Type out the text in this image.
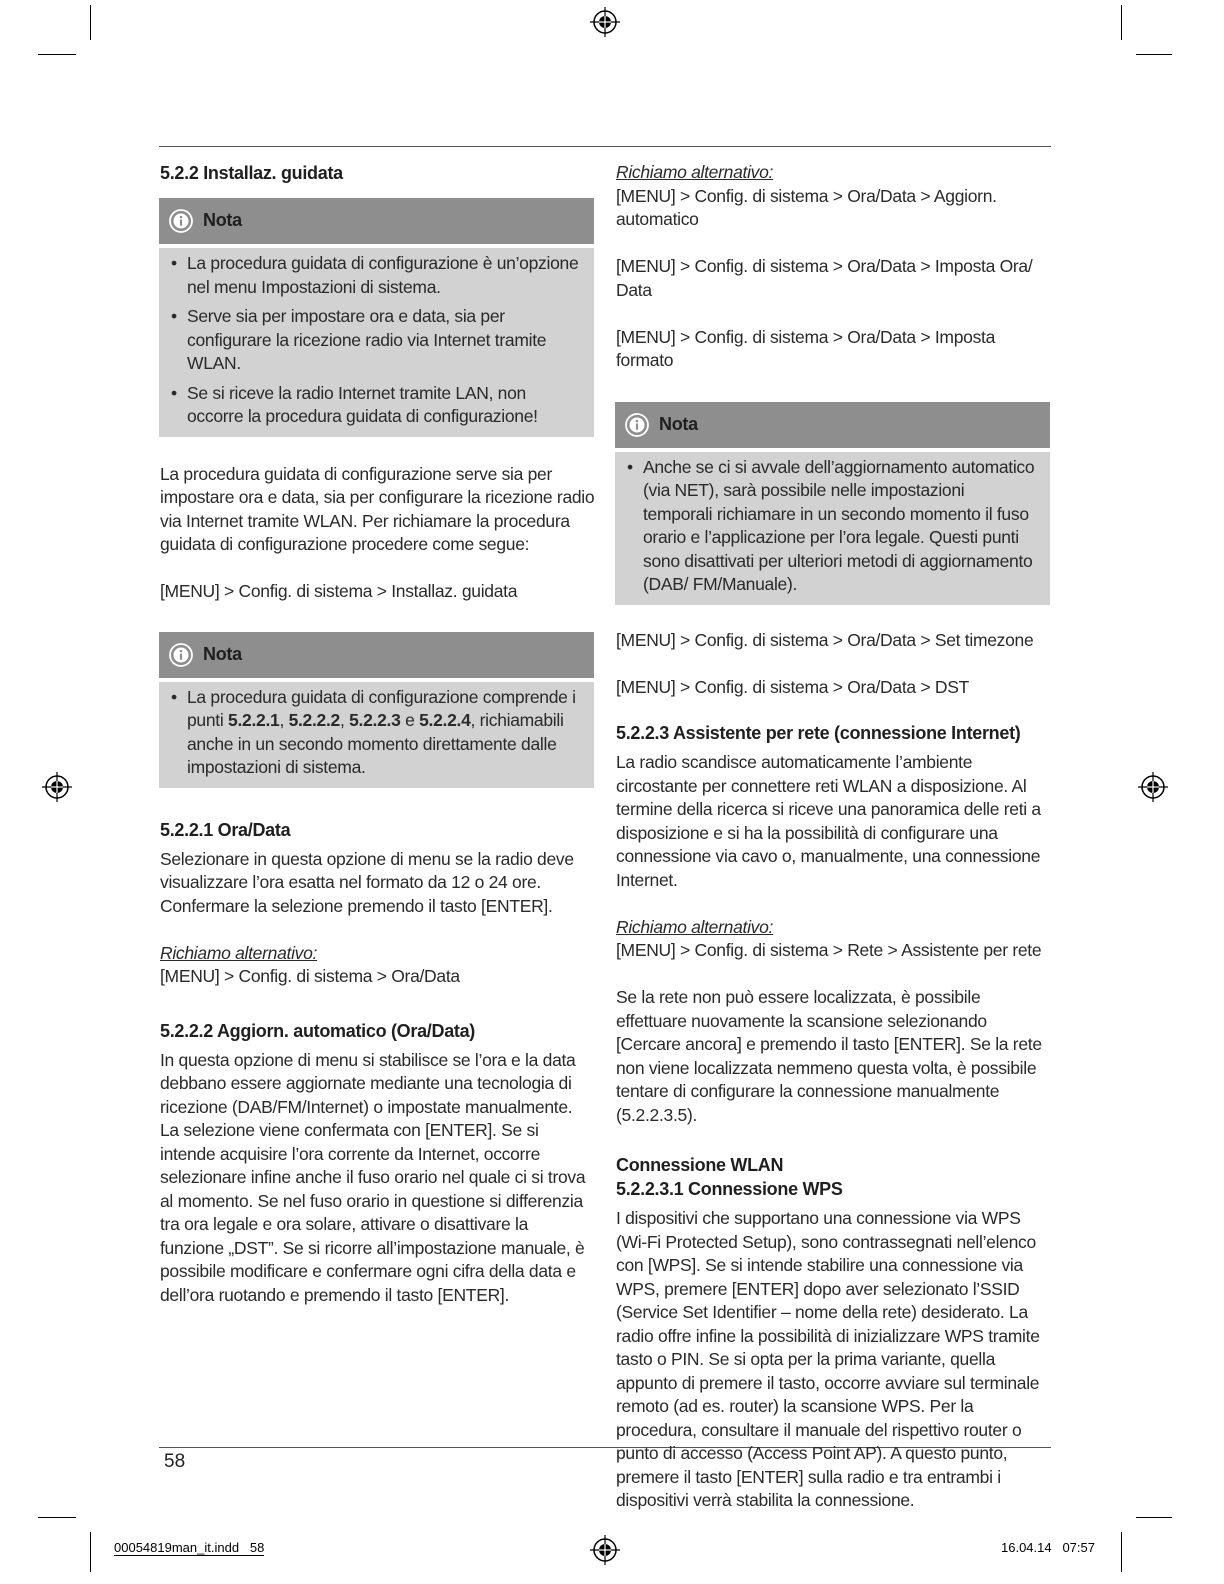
5.2.2 Installaz. guidata
Nota
• La procedura guidata di configurazione è un’opzione nel menu Impostazioni di sistema.
• Serve sia per impostare ora e data, sia per configurare la ricezione radio via Internet tramite WLAN.
• Se si riceve la radio Internet tramite LAN, non occorre la procedura guidata di configurazione!

La procedura guidata di configurazione serve sia per impostare ora e data, sia per configurare la ricezione radio via Internet tramite WLAN. Per richiamare la procedura guidata di configurazione procedere come segue:

[MENU] > Config. di sistema > Installaz. guidata

Nota
• La procedura guidata di configurazione comprende i punti 5.2.2.1, 5.2.2.2, 5.2.2.3 e 5.2.2.4, richiamabili anche in un secondo momento direttamente dalle impostazioni di sistema.
5.2.2.1 Ora/Data

Selezionare in questa opzione di menu se la radio deve visualizzare l’ora esatta nel formato da 12 o 24 ore. Confermare la selezione premendo il tasto [ENTER].

Richiamo alternativo:

[MENU] > Config. di sistema > Ora/Data

5.2.2.2 Aggiorn. automatico (Ora/Data)

In questa opzione di menu si stabilisce se l’ora e la data debbano essere aggiornate mediante una tecnologia di ricezione (DAB/FM/Internet) o impostate manualmente. La selezione viene confermata con [ENTER]. Se si intende acquisire l’ora corrente da Internet, occorre selezionare infine anche il fuso orario nel quale ci si trova al momento. Se nel fuso orario in questione si differenzia tra ora legale e ora solare, attivare o disattivare la funzione „DST”. Se si ricorre all’impostazione manuale, è possibile modificare e confermare ogni cifra della data e dell’ora ruotando e premendo il tasto [ENTER].

Richiamo alternativo:

[MENU] > Config. di sistema > Ora/Data > Aggiorn. automatico

[MENU] > Config. di sistema > Ora/Data > Imposta Ora/ Data

[MENU] > Config. di sistema > Ora/Data > Imposta formato

Nota
• Anche se ci si avvale dell’aggiornamento automatico (via NET), sarà possibile nelle impostazioni temporali richiamare in un secondo momento il fuso orario e l’applicazione per l’ora legale. Questi punti sono disattivati per ulteriori metodi di aggiornamento (DAB/ FM/Manuale).

[MENU] > Config. di sistema > Ora/Data > Set timezone

[MENU] > Config. di sistema > Ora/Data > DST

5.2.2.3 Assistente per rete (connessione Internet)

La radio scandisce automaticamente l’ambiente circostante per connettere reti WLAN a disposizione. Al termine della ricerca si riceve una panoramica delle reti a disposizione e si ha la possibilità di configurare una connessione via cavo o, manualmente, una connessione Internet.

Richiamo alternativo:

[MENU] > Config. di sistema > Rete > Assistente per rete

Se la rete non può essere localizzata, è possibile effettuare nuovamente la scansione selezionando [Cercare ancora] e premendo il tasto [ENTER]. Se la rete non viene localizzata nemmeno questa volta, è possibile tentare di configurare la connessione manualmente (5.2.2.3.5).

Connessione WLAN
5.2.2.3.1 Connessione WPS

I dispositivi che supportano una connessione via WPS (Wi-Fi Protected Setup), sono contrassegnati nell’elenco con [WPS]. Se si intende stabilire una connessione via WPS, premere [ENTER] dopo aver selezionato l’SSID (Service Set Identifier – nome della rete) desiderato. La radio offre infine la possibilità di inizializzare WPS tramite tasto o PIN. Se si opta per la prima variante, quella appunto di premere il tasto, occorre avviare sul terminale remoto (ad es. router) la scansione WPS. Per la procedura, consultare il manuale del rispettivo router o punto di accesso (Access Point AP). A questo punto, premere il tasto [ENTER] sulla radio e tra entrambi i dispositivi verrà stabilita la connessione.

58
00054819man_it.indd   58	16.04.14   07:57
